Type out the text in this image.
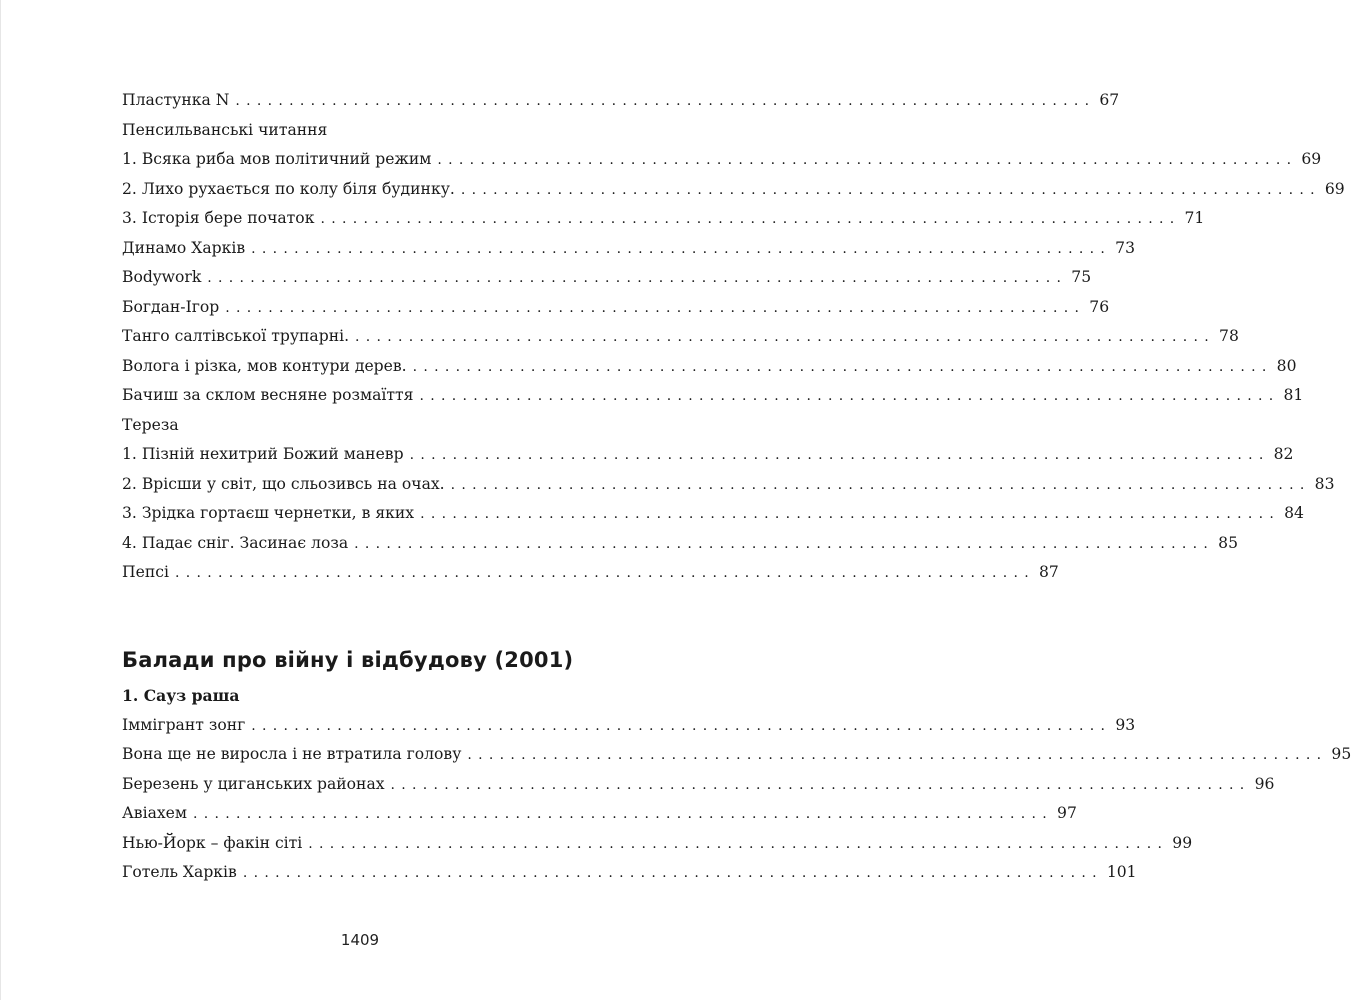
Пластунка N ................................................................................ 67
Пенсильванські читання
1. Всяка риба мов політичний режим ................................................................................ 69
2. Лихо рухається по колу біля будинку. ................................................................................ 69
3. Історія бере початок ................................................................................ 71
Динамо Харків ................................................................................ 73
Bodywork ................................................................................ 75
Богдан-Ігор ................................................................................ 76
Танго салтівської трупарні. ................................................................................ 78
Волога і різка, мов контури дерев. ................................................................................ 80
Бачиш за склом весняне розмаїття ................................................................................ 81
Тереза
1. Пізній нехитрий Божий маневр ................................................................................ 82
2. Врісши у світ, що сльозивсь на очах. ................................................................................ 83
3. Зрідка гортаєш чернетки, в яких ................................................................................ 84
4. Падає сніг. Засинає лоза ................................................................................ 85
Пепсі ................................................................................ 87
Балади про війну і відбудову (2001)
1. Сауз раша
Іммігрант зонг ................................................................................ 93
Вона ще не виросла і не втратила голову ................................................................................ 95
Березень у циганських районах ................................................................................ 96
Авіахем ................................................................................ 97
Нью-Йорк – факін сіті ................................................................................ 99
Готель Харків ................................................................................ 101
1409
